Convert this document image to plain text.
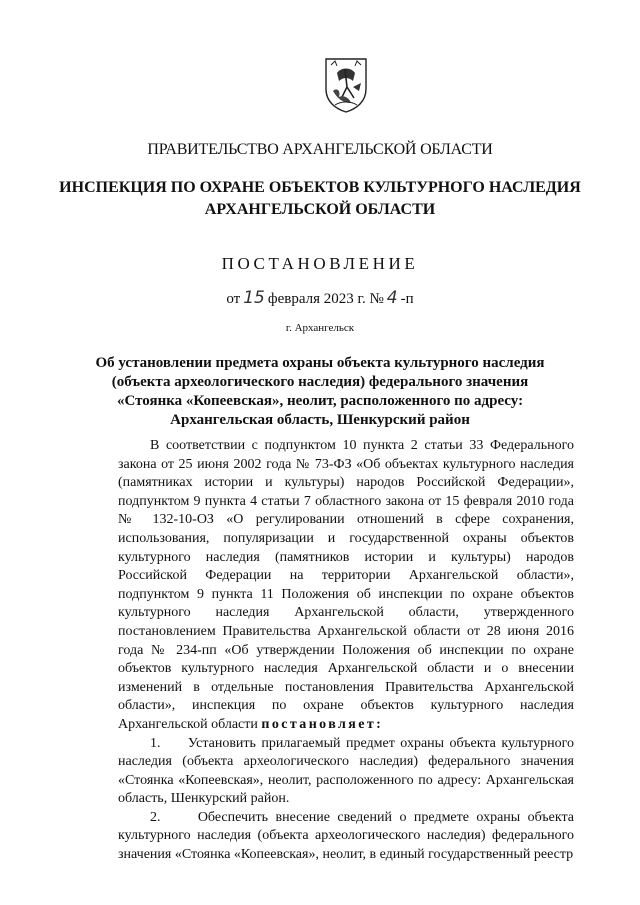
ПРАВИТЕЛЬСТВО АРХАНГЕЛЬСКОЙ ОБЛАСТИ
ИНСПЕКЦИЯ ПО ОХРАНЕ ОБЪЕКТОВ КУЛЬТУРНОГО НАСЛЕДИЯ
АРХАНГЕЛЬСКОЙ ОБЛАСТИ
ПОСТАНОВЛЕНИЕ
от 15 февраля 2023 г. № 4 -п
г. Архангельск
Об установлении предмета охраны объекта культурного наследия
(объекта археологического наследия) федерального значения
«Стоянка «Копеевская», неолит, расположенного по адресу:
Архангельская область, Шенкурский район

В соответствии с подпунктом 10 пункта 2 статьи 33 Федерального закона от 25 июня 2002 года № 73-ФЗ «Об объектах культурного наследия (памятниках истории и культуры) народов Российской Федерации», подпунктом 9 пункта 4 статьи 7 областного закона от 15 февраля 2010 года № 132-10-ОЗ «О регулировании отношений в сфере сохранения, использования, популяризации и государственной охраны объектов культурного наследия (памятников истории и культуры) народов Российской Федерации на территории Архангельской области», подпунктом 9 пункта 11 Положения об инспекции по охране объектов культурного наследия Архангельской области, утвержденного постановлением Правительства Архангельской области от 28 июня 2016 года № 234-пп «Об утверждении Положения об инспекции по охране объектов культурного наследия Архангельской области и о внесении изменений в отдельные постановления Правительства Архангельской области», инспекция по охране объектов культурного наследия Архангельской области постановляет:

1. Установить прилагаемый предмет охраны объекта культурного наследия (объекта археологического наследия) федерального значения «Стоянка «Копеевская», неолит, расположенного по адресу: Архангельская область, Шенкурский район.

2.	Обеспечить внесение сведений о предмете охраны объекта культурного наследия (объекта археологического наследия) федерального значения «Стоянка «Копеевская», неолит, в единый государственный реестр
